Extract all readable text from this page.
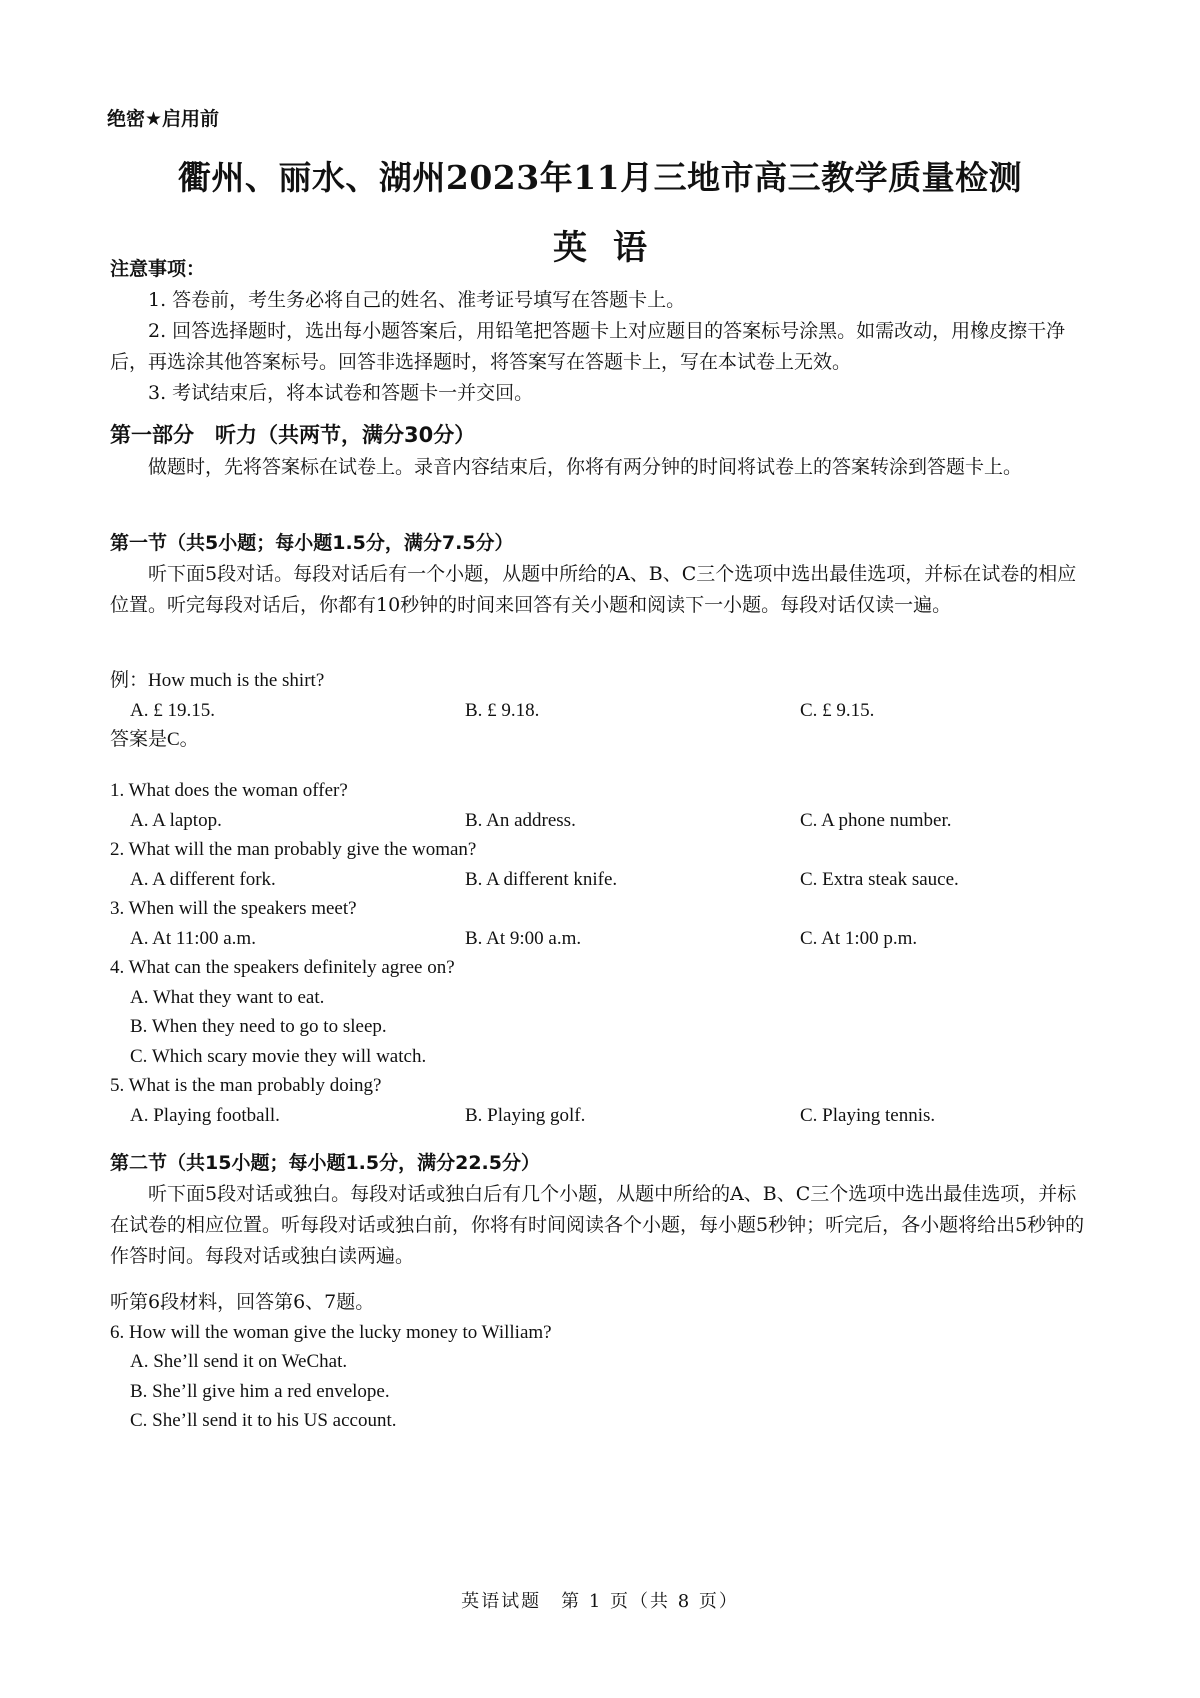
绝密★启用前
衢州、丽水、湖州2023年11月三地市高三教学质量检测
英语
注意事项：
1. 答卷前，考生务必将自己的姓名、准考证号填写在答题卡上。
2. 回答选择题时，选出每小题答案后，用铅笔把答题卡上对应题目的答案标号涂黑。如需改动，用橡皮擦干净后，再选涂其他答案标号。回答非选择题时，将答案写在答题卡上，写在本试卷上无效。
3. 考试结束后，将本试卷和答题卡一并交回。
第一部分　听力（共两节，满分30分）
做题时，先将答案标在试卷上。录音内容结束后，你将有两分钟的时间将试卷上的答案转涂到答题卡上。
第一节（共5小题；每小题1.5分，满分7.5分）
听下面5段对话。每段对话后有一个小题，从题中所给的A、B、C三个选项中选出最佳选项，并标在试卷的相应位置。听完每段对话后，你都有10秒钟的时间来回答有关小题和阅读下一小题。每段对话仅读一遍。
例：How much is the shirt?
A. £ 19.15.	B. £ 9.18.	C. £ 9.15.
答案是C。
1. What does the woman offer?
A. A laptop.	B. An address.	C. A phone number.
2. What will the man probably give the woman?
A. A different fork.	B. A different knife.	C. Extra steak sauce.
3. When will the speakers meet?
A. At 11:00 a.m.	B. At 9:00 a.m.	C. At 1:00 p.m.
4. What can the speakers definitely agree on?
A. What they want to eat.
B. When they need to go to sleep.
C. Which scary movie they will watch.
5. What is the man probably doing?
A. Playing football.	B. Playing golf.	C. Playing tennis.
第二节（共15小题；每小题1.5分，满分22.5分）
听下面5段对话或独白。每段对话或独白后有几个小题，从题中所给的A、B、C三个选项中选出最佳选项，并标在试卷的相应位置。听每段对话或独白前，你将有时间阅读各个小题，每小题5秒钟；听完后，各小题将给出5秒钟的作答时间。每段对话或独白读两遍。
听第6段材料，回答第6、7题。
6. How will the woman give the lucky money to William?
A. She’ll send it on WeChat.
B. She’ll give him a red envelope.
C. She’ll send it to his US account.
英语试题　第 1 页（共 8 页）
